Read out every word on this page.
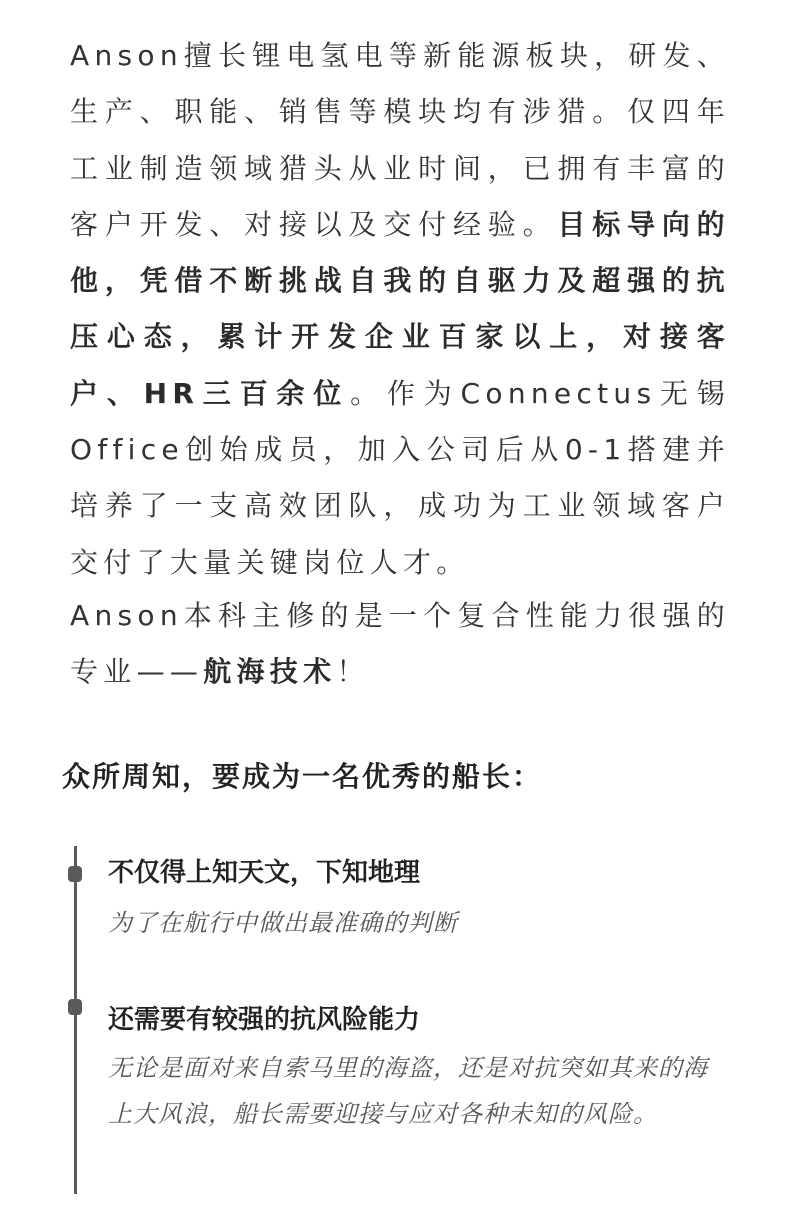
Anson擅长锂电氢电等新能源板块，研发、生产、职能、销售等模块均有涉猎。仅四年工业制造领域猎头从业时间，已拥有丰富的客户开发、对接以及交付经验。目标导向的他，凭借不断挑战自我的自驱力及超强的抗压心态，累计开发企业百家以上，对接客户、HR三百余位。作为Connectus无锡Office创始成员，加入公司后从0-1搭建并培养了一支高效团队，成功为工业领域客户交付了大量关键岗位人才。

Anson本科主修的是一个复合性能力很强的专业——航海技术！

众所周知，要成为一名优秀的船长：

不仅得上知天文，下知地理

为了在航行中做出最准确的判断

还需要有较强的抗风险能力

无论是面对来自索马里的海盗，还是对抗突如其来的海上大风浪，船长需要迎接与应对各种未知的风险。
